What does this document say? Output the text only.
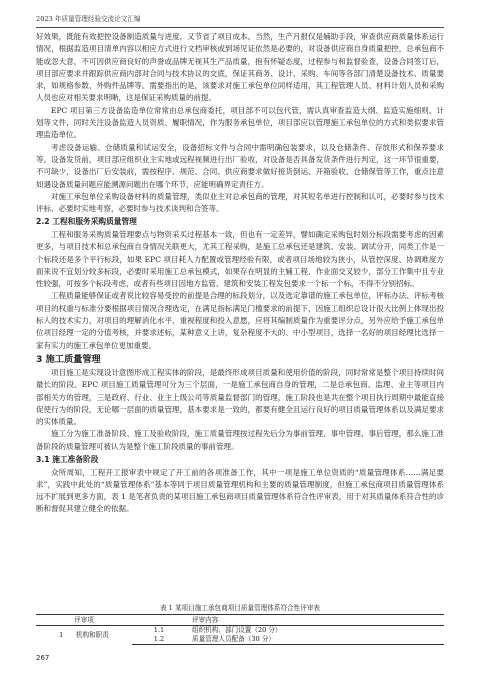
2023 年质量管理经验交流论文汇编

好效果，既能有效把控设备制造质量与进度，又节省了项目成本。当然，生产月报仅是辅助手段，审查供应商质量体系运行情况，根据监造项目清单内容以相应方式进行文档审核或到场见证依然是必要的，对设备供应商自身质量把控，总承包商不能或忽大意，不可因供应商良好的声誉或品牌无视其生产品质量，抱有怀疑态度，过程参与和监督验查，设备合同签订后，项目部应要求并跟踪供应商内部对合同与技术协议的交底，保证其商务、设计、采购、车间等各部门清楚设备技术、质量要求，如规格参数、外购件品牌等。需要指出的是，该要求对施工承包单位同样适用，其工程管理人员、材料计划人员和采购人员也应对相关要求明晰，这是保证采购质量的前提。

EPC 项目第三方设备监造单位常常由总承包商委托，项目部不可以包代管，需认真审查监造大纲、监造实施细则、计划等文件，同时关注设备监造人员资质、履职情况，作为服务承包单位，项目部应以管理施工承包单位的方式和类似要求管理监造单位。

考虑设备运输、仓储质量和试运安全，设备招标文件与合同中需明确包装要求，以及仓储条件、存放形式和保养要求等。设备发货前，项目部应组织业主实地或远程视频进行出厂验收，对设备是否具备发货条件进行判定，这一环节很重要，不可缺少，设备出厂后安装前，需按程序、规范、合同、供应商要求做好接货倒运、开箱验收、仓储保管等工作，重点注意如遇设备质量问题应能溯源问题出在哪个环节，应能明确界定责任方。

对施工承包单位采购设备材料的质量管理，类似业主对总承包商的管理，对其短名单进行控制和认可，必要时参与技术评标、必要时实地考察，必要时参与技术谈判和合签等。

2.2 工程和服务采购质量管理

工程和服务采购质量管理要点与物资采买过程基本一致，但也有一定差异，譬如确定采购包时划分标段需要考虑的因素更多，与项目技术和总承包商自身情况关联更大，尤其工程采购，是施工总承包还是建筑、安装、调试分开，同类工作是一个标段还是多个平行标段，如果 EPC 项目耗人力配置或管理经验有限，或者项目场地较为狭小，从管控深度、协调难度方面来说不宜划分较多标段，必要时采用施工总承包模式，如果存在明显的主辅工程、作业面交叉较少，部分工作集中且专业性较强，可按多个标段考虑，或者有些项目因地方监管、建筑和安装工程发包要求一个标一个标，不得不分别招标。

工程质量能够保证或者说比较容易受控的前提是合理的标段划分，以及选定靠谱的施工承包单位，评标办法、评标考核项目的权重与标准分要根据项目情况合理选定，在满足指标满足门槛要求的前提下，因施工组织总设计很大比例上体现出投标人的技术实力，对项目的理解消化水平、重视程度和投入意愿，应将其编制质量作为重要评分点，另外应给予施工承包单位项目经理一定的分值考核，并要求述标，某种意义上讲，复杂程度不大的、中小型项目，选择一名好的项目经理比选择一家有实力的施工承包单位更加重要。

3 施工质量管理

项目施工是实现设计意图形成工程实体的阶段，是最终形成项目质量和使用价值的阶段，同时常常是整个项目持续时间最长的阶段。EPC 项目施工质量管理可分为三个层面，一是施工承包商自身的管理，二是总承包商、监理、业主等项目内部相关方的管理，三是政府、行业、业主上级公司等质量监督部门的管理，施工阶段也是共在整个项目执行周期中最能直接促使行为的阶段，无论哪一层面的质量管理，基本要求是一致的，都要有健全且运行良好的项目质量管理体系以及满足要求的实体质量。

施工分为施工准备阶段、施工及验收阶段，施工质量管理按过程先后分为事前管理、事中管理、事后管理，那么施工准备阶段的质量管理可被认为是整个施工阶段质量的事前管理。

3.1 施工准备阶段

众所周知，工程开工报审表中规定了开工前的各项准备工作，其中一项是施工单位资质的“质量管理体系……满足要求”，实践中此处的“质量管理体系”基本等同于项目质量管理机构和主要的质量管理制度，但施工承包商项目质量管理体系远不扩展到更多方面，表 1 是笔者负责的某项目施工承包商项目质量管理体系符合性评审表，用于对其质量体系符合性的诊断和督促其建立健全的依据。

表 1 某项目施工承包商项目质量管理体系符合性评审表
评审项		评审内容
1 机构和职责	1.1	组织机构、部门设置（20 分）
	1.2	质量管理人员配备（30 分）
267
